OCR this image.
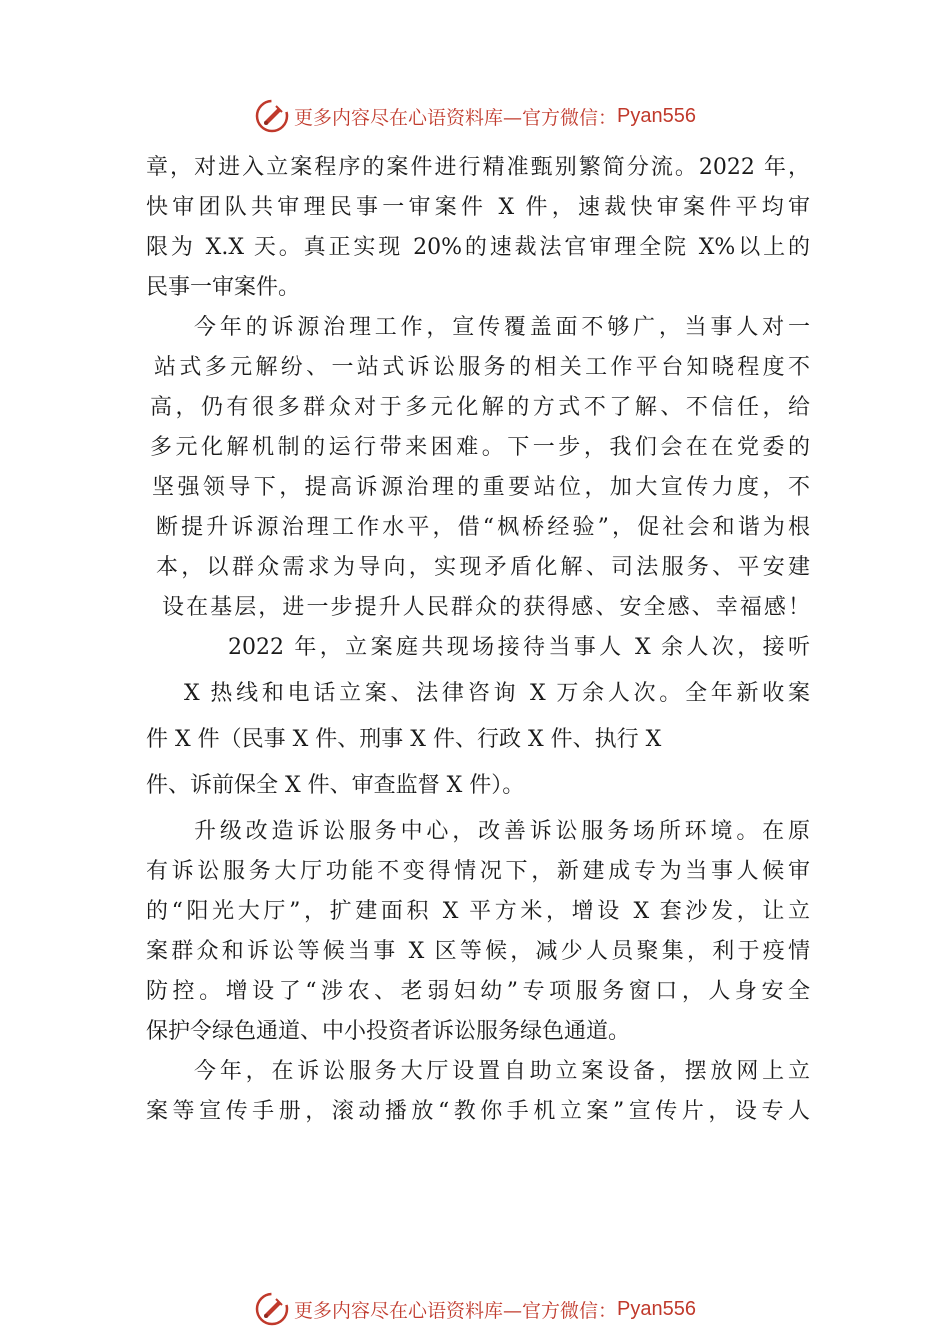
更多内容尽在心语资料库—官方微信： Pyan556
章，对进入立案程序的案件进行精准甄别繁简分流。2022 年，
快审团队共审理民事一审案件 X 件，速裁快审案件平均审
限为 X.X 天。真正实现 20%的速裁法官审理全院 X%以上的
民事一审案件。
今年的诉源治理工作，宣传覆盖面不够广，当事人对一
站式多元解纷、一站式诉讼服务的相关工作平台知晓程度不
高，仍有很多群众对于多元化解的方式不了解、不信任，给
多元化解机制的运行带来困难。下一步，我们会在在党委的
坚强领导下，提高诉源治理的重要站位，加大宣传力度，不
断提升诉源治理工作水平，借“枫桥经验”，促社会和谐为根
本，以群众需求为导向，实现矛盾化解、司法服务、平安建
设在基层，进一步提升人民群众的获得感、安全感、幸福感！
2022 年，立案庭共现场接待当事人 X 余人次，接听
X 热线和电话立案、法律咨询 X 万余人次。全年新收案
件 X 件（民事 X 件、刑事 X 件、行政 X 件、执行 X
件、诉前保全 X 件、审查监督 X 件）。
升级改造诉讼服务中心，改善诉讼服务场所环境。在原
有诉讼服务大厅功能不变得情况下，新建成专为当事人候审
的“阳光大厅”，扩建面积 X 平方米，增设 X 套沙发，让立
案群众和诉讼等候当事 X 区等候，减少人员聚集，利于疫情
防控。增设了“涉农、老弱妇幼”专项服务窗口，人身安全
保护令绿色通道、中小投资者诉讼服务绿色通道。
今年，在诉讼服务大厅设置自助立案设备，摆放网上立
案等宣传手册，滚动播放“教你手机立案”宣传片，设专人
更多内容尽在心语资料库—官方微信： Pyan556
